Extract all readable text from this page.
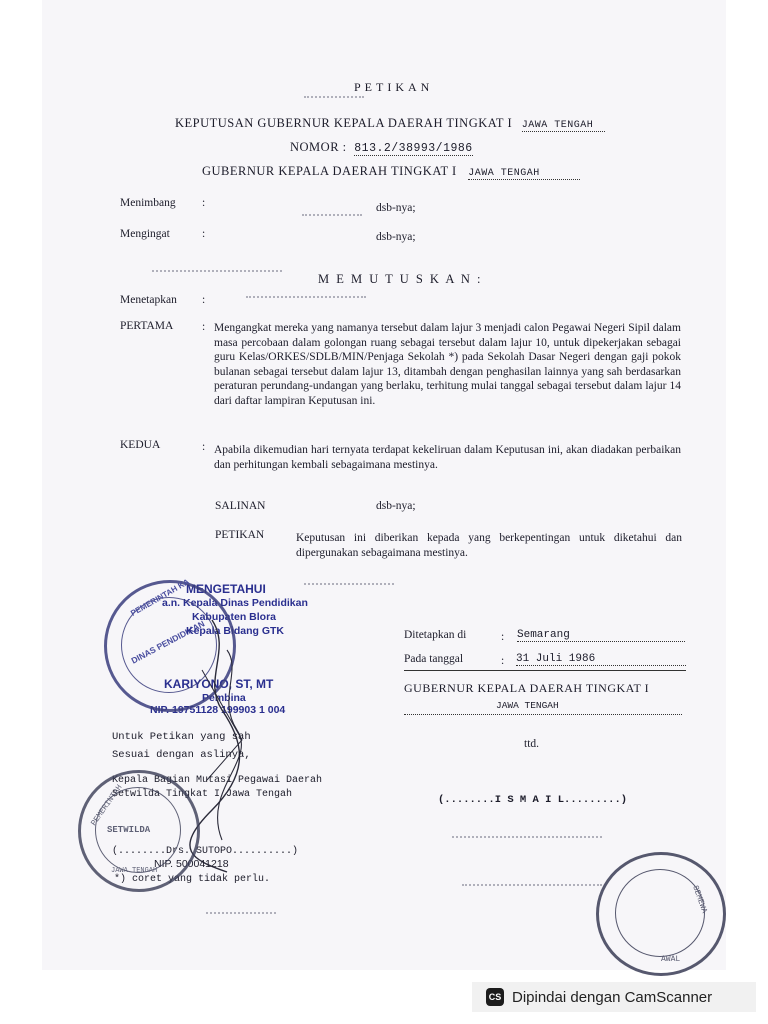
PETIKAN
KEPUTUSAN GUBERNUR KEPALA DAERAH TINGKAT I JAWA TENGAH
NOMOR : 813.2/38993/1986
GUBERNUR KEPALA DAERAH TINGKAT I JAWA TENGAH
Menimbang :	dsb-nya;
Mengingat	:	dsb-nya;
M E M U T U S K A N :
Menetapkan :
PERTAMA : Mengangkat mereka yang namanya tersebut dalam lajur 3 menjadi calon Pegawai Negeri Sipil dalam masa percobaan dalam golongan ruang sebagai tersebut dalam lajur 10, untuk dipekerjakan sebagai guru Kelas/ORKES/SDLB/MIN/Penjaga Sekolah *) pada Sekolah Dasar Negeri dengan gaji pokok bulanan sebagai tersebut dalam lajur 13, ditambah dengan penghasilan lainnya yang sah berdasarkan peraturan perundang-undangan yang berlaku, terhitung mulai tanggal sebagai tersebut dalam lajur 14 dari daftar lampiran Keputusan ini.
KEDUA	: Apabila dikemudian hari ternyata terdapat kekeliruan dalam Keputusan ini, akan diadakan perbaikan dan perhitungan kembali sebagaimana mestinya.
SALINAN	dsb-nya;
PETIKAN	Keputusan ini diberikan kepada yang berkepentingan untuk diketahui dan dipergunakan sebagaimana mestinya.
MENGETAHUI
a.n. Kepala Dinas Pendidikan
Kabupaten Blora
Kepala Bidang GTK
KARIYONO, ST, MT
Pembina
NIP. 19751128 199903 1 004
PEMERINTAH KA
DINAS PENDIDIKAN	Ditetapkan di	: Semarang
Pada tanggal	: 31 Juli 1986
GUBERNUR KEPALA DAERAH TINGKAT I
JAWA TENGAH
ttd.
(........I S M A I L.........)
Untuk Petikan yang sah
Sesuai dengan aslinya,
Kepala Bagian Mutasi Pegawai Daerah
Setwilda Tingkat I Jawa Tengah
(........Drs. SUTOPO..........)
NIP. 500041218
*) coret yang tidak perlu.
PEMERINTAH
SETWILDA
JAWA TENGAH
SEMEWA
AWAL
CS Dipindai dengan CamScanner
